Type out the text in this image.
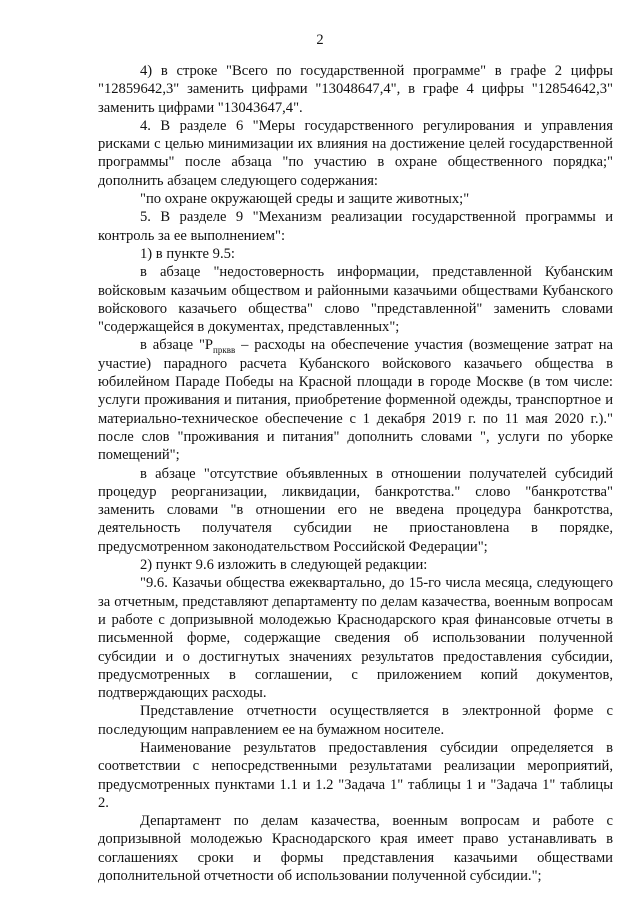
2

4) в строке "Всего по государственной программе" в графе 2 цифры "12859642,3" заменить цифрами "13048647,4", в графе 4 цифры "12854642,3" заменить цифрами "13043647,4".

4. В разделе 6 "Меры государственного регулирования и управления рисками с целью минимизации их влияния на достижение целей государственной программы" после абзаца "по участию в охране общественного порядка;" дополнить абзацем следующего содержания:

"по охране окружающей среды и защите животных;"

5. В разделе 9 "Механизм реализации государственной программы и контроль за ее выполнением":

1) в пункте 9.5:

в абзаце "недостоверность информации, представленной Кубанским войсковым казачьим обществом и районными казачьими обществами Кубанского войскового казачьего общества" слово "представленной" заменить словами "содержащейся в документах, представленных";

в абзаце "$P_{прквв}$ – расходы на обеспечение участия (возмещение затрат на участие) парадного расчета Кубанского войскового казачьего общества в юбилейном Параде Победы на Красной площади в городе Москве (в том числе: услуги проживания и питания, приобретение форменной одежды, транспортное и материально-техническое обеспечение с 1 декабря 2019 г. по 11 мая 2020 г.)." после слов "проживания и питания" дополнить словами ", услуги по уборке помещений";

в абзаце "отсутствие объявленных в отношении получателей субсидий процедур реорганизации, ликвидации, банкротства." слово "банкротства" заменить словами "в отношении его не введена процедура банкротства, деятельность получателя субсидии не приостановлена в порядке, предусмотренном законодательством Российской Федерации";

2) пункт 9.6 изложить в следующей редакции:

"9.6. Казачьи общества ежеквартально, до 15-го числа месяца, следующего за отчетным, представляют департаменту по делам казачества, военным вопросам и работе с допризывной молодежью Краснодарского края финансовые отчеты в письменной форме, содержащие сведения об использовании полученной субсидии и о достигнутых значениях результатов предоставления субсидии, предусмотренных в соглашении, с приложением копий документов, подтверждающих расходы.

Представление отчетности осуществляется в электронной форме с последующим направлением ее на бумажном носителе.

Наименование результатов предоставления субсидии определяется в соответствии с непосредственными результатами реализации мероприятий, предусмотренных пунктами 1.1 и 1.2 "Задача 1" таблицы 1 и "Задача 1" таблицы 2.

Департамент по делам казачества, военным вопросам и работе с допризывной молодежью Краснодарского края имеет право устанавливать в соглашениях сроки и формы представления казачьими обществами дополнительной отчетности об использовании полученной субсидии.";
